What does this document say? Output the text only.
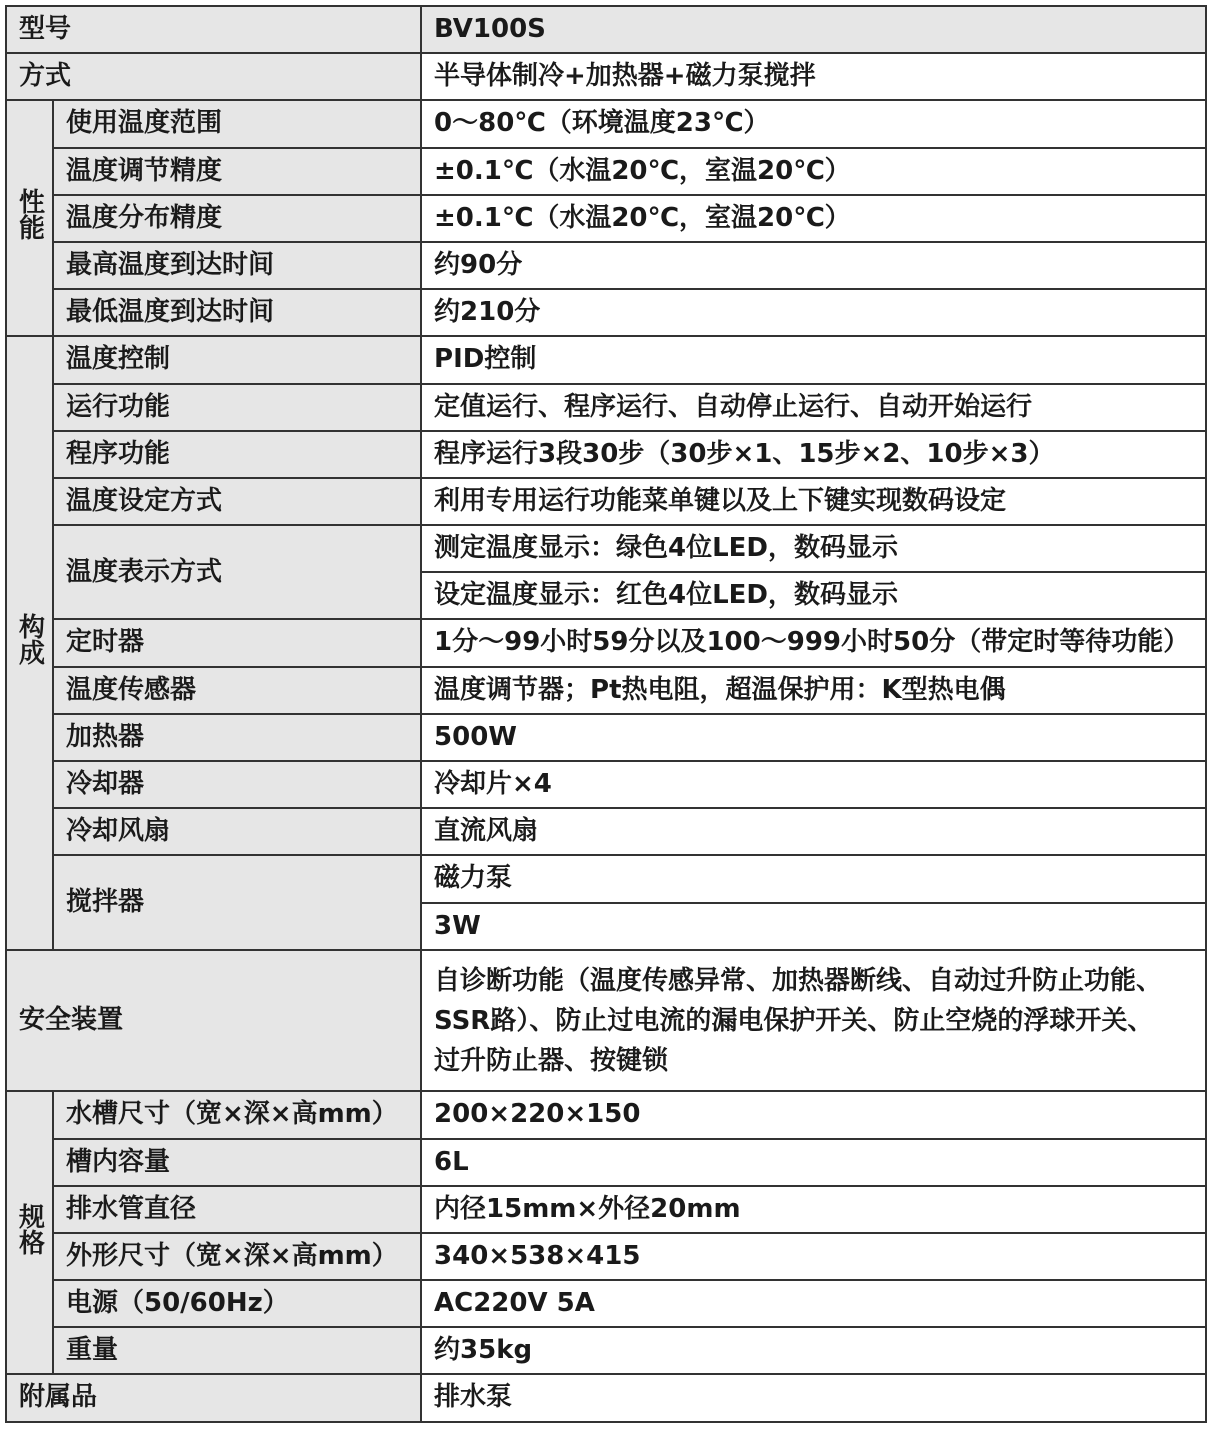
型号		BV100S
方式		半导体制冷+加热器+磁力泵搅拌
性能	使用温度范围	0～80℃（环境温度23℃）
	温度调节精度	±0.1℃（水温20℃，室温20℃）
	温度分布精度	±0.1℃（水温20℃，室温20℃）
	最高温度到达时间	约90分
	最低温度到达时间	约210分
构成	温度控制	PID控制
	运行功能	定值运行、程序运行、自动停止运行、自动开始运行
	程序功能	程序运行3段30步（30步×1、15步×2、10步×3）
	温度设定方式	利用专用运行功能菜单键以及上下键实现数码设定
	温度表示方式	测定温度显示：绿色4位LED，数码显示
		设定温度显示：红色4位LED，数码显示
	定时器	1分～99小时59分以及100～999小时50分（带定时等待功能）
	温度传感器	温度调节器；Pt热电阻，超温保护用：K型热电偶
	加热器	500W
	冷却器	冷却片×4
	冷却风扇	直流风扇
	搅拌器	磁力泵
		3W
安全装置		自诊断功能（温度传感异常、加热器断线、自动过升防止功能、
SSR路）、防止过电流的漏电保护开关、防止空烧的浮球开关、
过升防止器、按键锁

规格	水槽尺寸（宽×深×高mm）	200×220×150
	槽内容量	6L
	排水管直径	内径15mm×外径20mm
	外形尺寸（宽×深×高mm）	340×538×415
	电源（50/60Hz）	AC220V 5A
	重量	约35kg
附属品		排水泵
